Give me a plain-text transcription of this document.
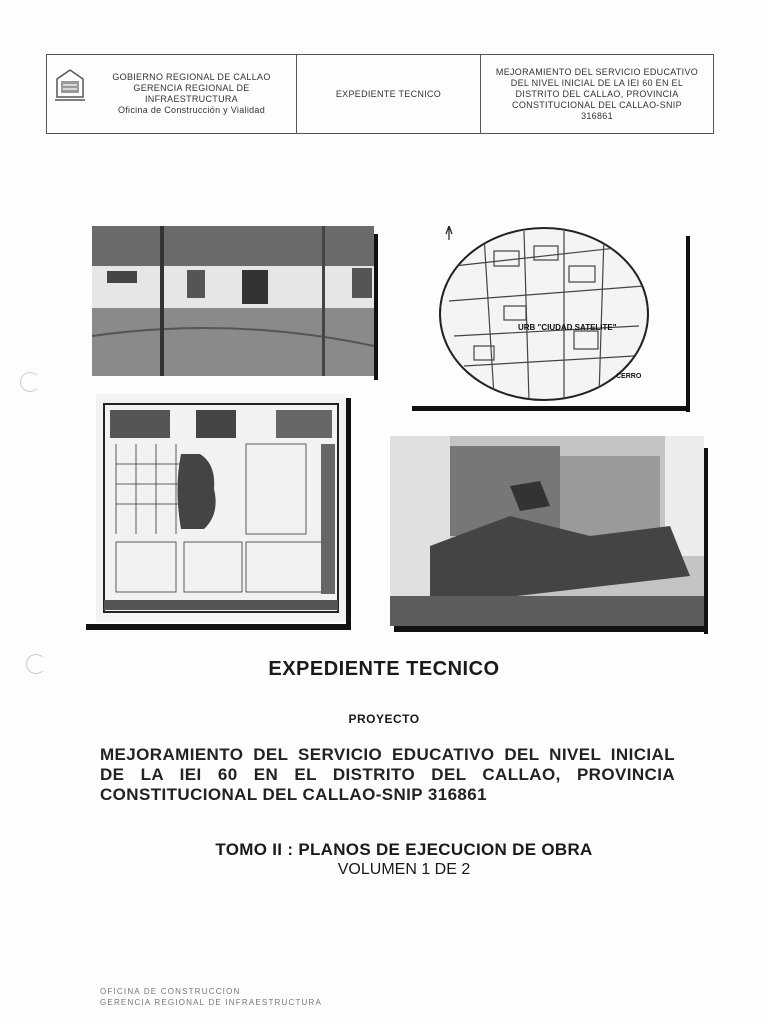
GOBIERNO REGIONAL DE CALLAO
GERENCIA REGIONAL DE
INFRAESTRUCTURA
Oficina de Construcción y Vialidad
EXPEDIENTE TECNICO
MEJORAMIENTO DEL SERVICIO EDUCATIVO
DEL NIVEL INICIAL DE LA IEI 60 EN EL
DISTRITO DEL CALLAO, PROVINCIA
CONSTITUCIONAL DEL CALLAO-SNIP
316861
URB "CIUDAD SATELITE"
CERRO
EXPEDIENTE TECNICO
PROYECTO
MEJORAMIENTO DEL SERVICIO EDUCATIVO DEL NIVEL INICIAL DE LA IEI 60 EN EL DISTRITO DEL CALLAO, PROVINCIA CONSTITUCIONAL DEL CALLAO-SNIP 316861
TOMO II : PLANOS DE EJECUCION DE OBRA
VOLUMEN 1 DE 2
OFICINA DE CONSTRUCCION
GERENCIA REGIONAL DE INFRAESTRUCTURA
